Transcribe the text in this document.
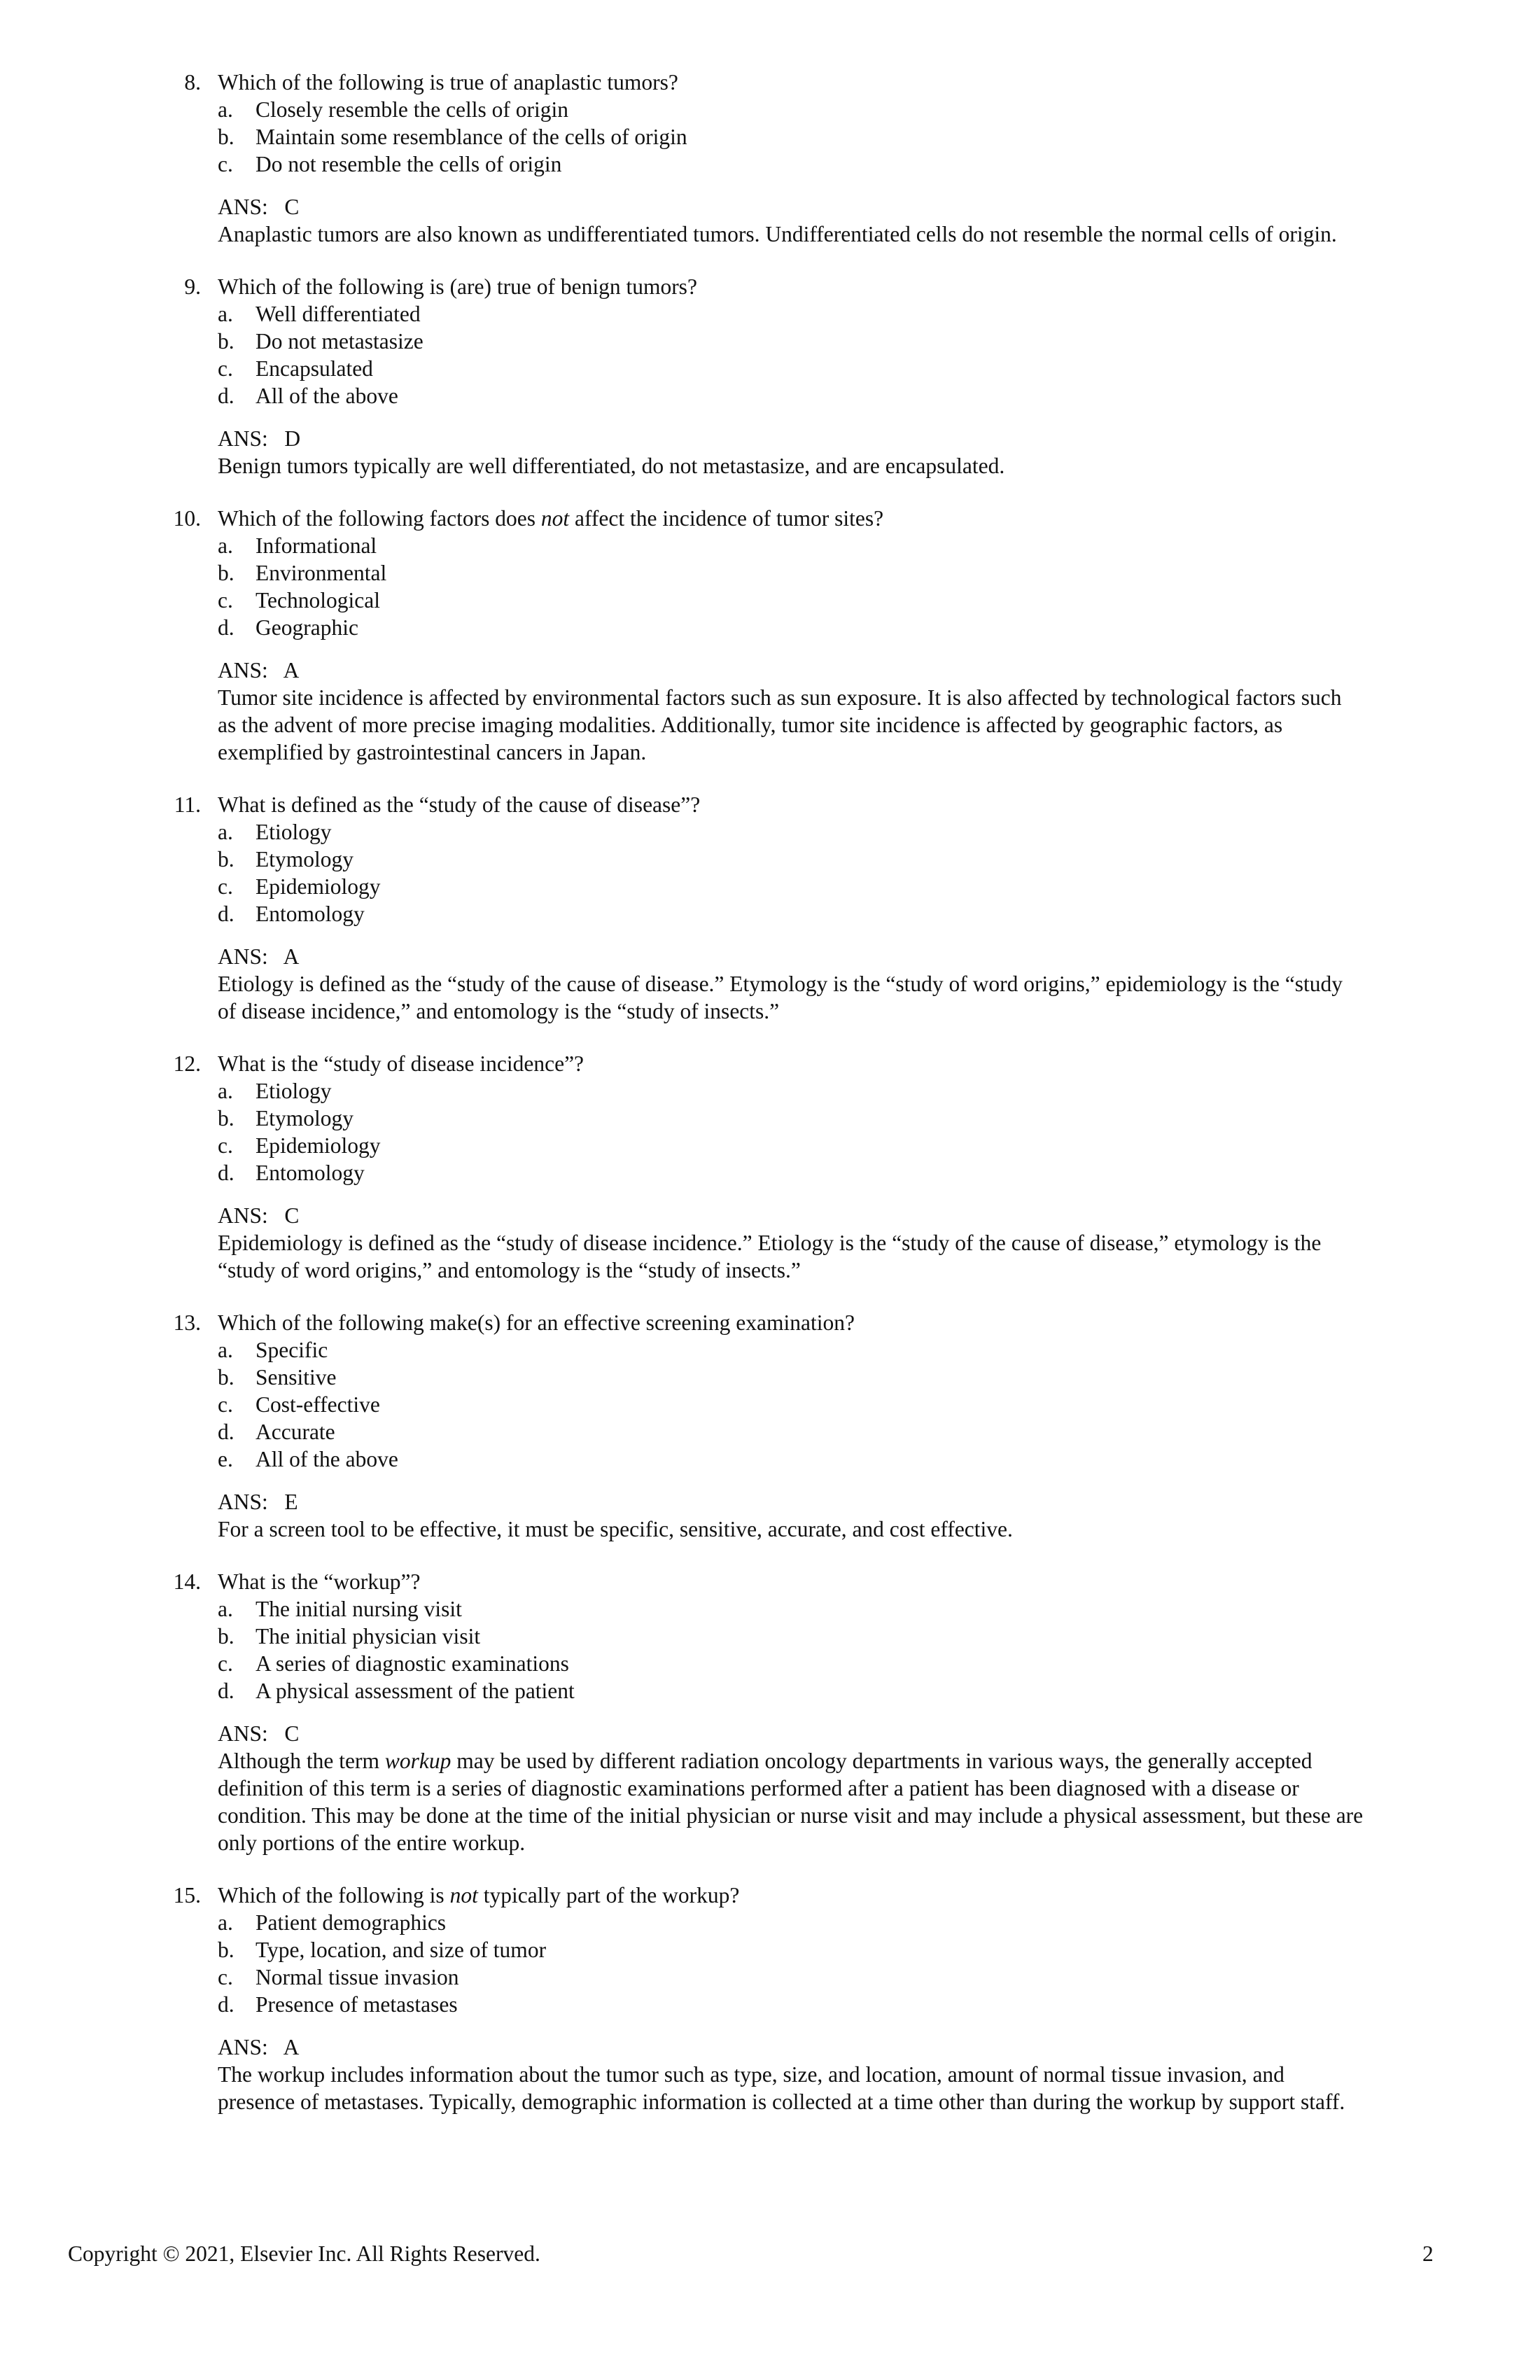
8. Which of the following is true of anaplastic tumors?
a. Closely resemble the cells of origin
b. Maintain some resemblance of the cells of origin
c. Do not resemble the cells of origin
ANS:   C
Anaplastic tumors are also known as undifferentiated tumors. Undifferentiated cells do not resemble the normal cells of origin.
9. Which of the following is (are) true of benign tumors?
a. Well differentiated
b. Do not metastasize
c. Encapsulated
d. All of the above
ANS:   D
Benign tumors typically are well differentiated, do not metastasize, and are encapsulated.
10. Which of the following factors does not affect the incidence of tumor sites?
a. Informational
b. Environmental
c. Technological
d. Geographic
ANS:   A
Tumor site incidence is affected by environmental factors such as sun exposure. It is also affected by technological factors such
as the advent of more precise imaging modalities. Additionally, tumor site incidence is affected by geographic factors, as
exemplified by gastrointestinal cancers in Japan.
11. What is defined as the “study of the cause of disease”?
a. Etiology
b. Etymology
c. Epidemiology
d. Entomology
ANS:   A
Etiology is defined as the “study of the cause of disease.” Etymology is the “study of word origins,” epidemiology is the “study
of disease incidence,” and entomology is the “study of insects.”
12. What is the “study of disease incidence”?
a. Etiology
b. Etymology
c. Epidemiology
d. Entomology
ANS:   C
Epidemiology is defined as the “study of disease incidence.” Etiology is the “study of the cause of disease,” etymology is the
“study of word origins,” and entomology is the “study of insects.”
13. Which of the following make(s) for an effective screening examination?
a. Specific
b. Sensitive
c. Cost-effective
d. Accurate
e. All of the above
ANS:   E
For a screen tool to be effective, it must be specific, sensitive, accurate, and cost effective.
14. What is the “workup”?
a. The initial nursing visit
b. The initial physician visit
c. A series of diagnostic examinations
d. A physical assessment of the patient
ANS:   C
Although the term workup may be used by different radiation oncology departments in various ways, the generally accepted
definition of this term is a series of diagnostic examinations performed after a patient has been diagnosed with a disease or
condition. This may be done at the time of the initial physician or nurse visit and may include a physical assessment, but these are
only portions of the entire workup.
15. Which of the following is not typically part of the workup?
a. Patient demographics
b. Type, location, and size of tumor
c. Normal tissue invasion
d. Presence of metastases
ANS:   A
The workup includes information about the tumor such as type, size, and location, amount of normal tissue invasion, and
presence of metastases. Typically, demographic information is collected at a time other than during the workup by support staff.
Copyright © 2021, Elsevier Inc. All Rights Reserved.	2
